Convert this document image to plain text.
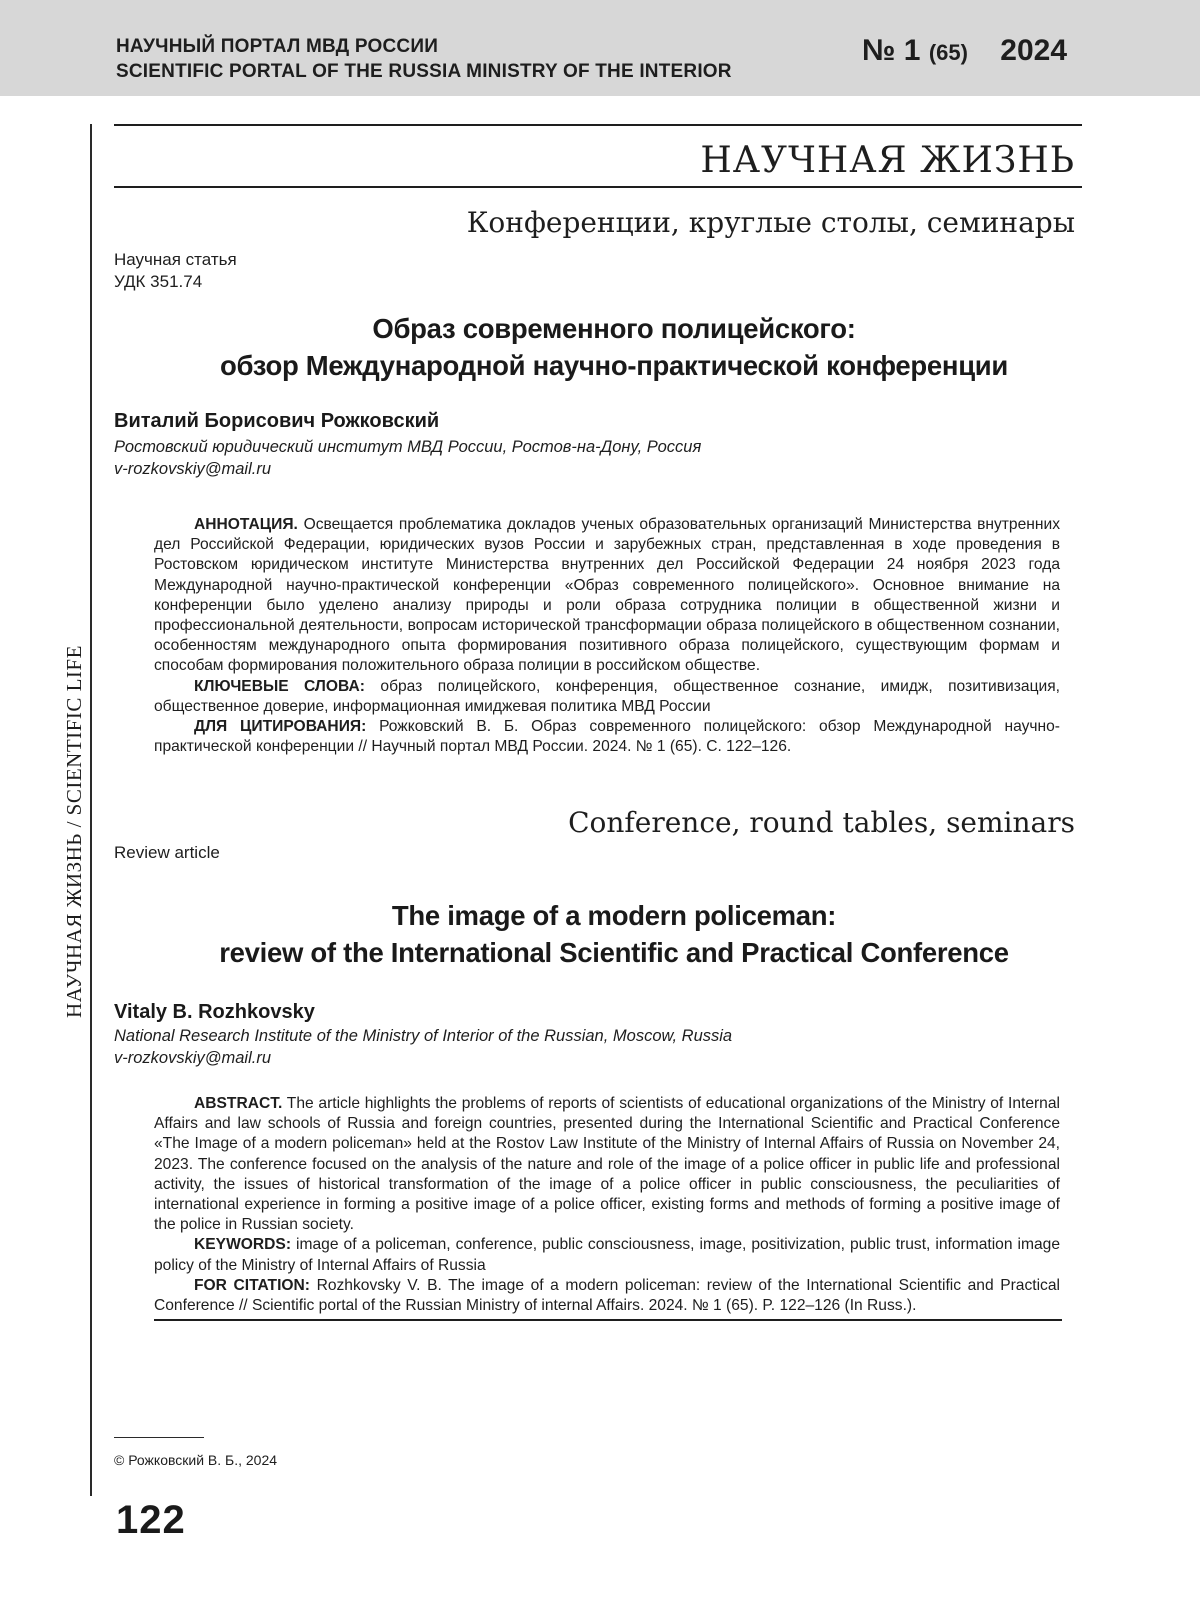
НАУЧНЫЙ ПОРТАЛ МВД РОССИИ
SCIENTIFIC PORTAL OF THE RUSSIA MINISTRY OF THE INTERIOR
№ 1 (65) 2024
НАУЧНАЯ ЖИЗНЬ / SCIENTIFIC LIFE
НАУЧНАЯ ЖИЗНЬ
Конференции, круглые столы, семинары
Научная статья
УДК 351.74
Образ современного полицейского:
обзор Международной научно-практической конференции
Виталий Борисович Рожковский
Ростовский юридический институт МВД России, Ростов-на-Дону, Россия
v-rozkovskiy@mail.ru

АННОТАЦИЯ. Освещается проблематика докладов ученых образовательных организаций Министерства внутренних дел Российской Федерации, юридических вузов России и зарубежных стран, представленная в ходе проведения в Ростовском юридическом институте Министерства внутренних дел Российской Федерации 24 ноября 2023 года Международной научно-практической конференции «Образ современного полицейского». Основное внимание на конференции было уделено анализу природы и роли образа сотрудника полиции в общественной жизни и профессиональной деятельности, вопросам исторической трансформации образа полицейского в общественном сознании, особенностям международного опыта формирования позитивного образа полицейского, существующим формам и способам формирования положительного образа полиции в российском обществе.

КЛЮЧЕВЫЕ СЛОВА: образ полицейского, конференция, общественное сознание, имидж, позитивизация, общественное доверие, информационная имиджевая политика МВД России

ДЛЯ ЦИТИРОВАНИЯ: Рожковский В. Б. Образ современного полицейского: обзор Международной научно-практической конференции // Научный портал МВД России. 2024. № 1 (65). С. 122–126.

Conference, round tables, seminars
Review article
The image of a modern policeman:
review of the International Scientific and Practical Conference
Vitaly B. Rozhkovsky
National Research Institute of the Ministry of Interior of the Russian, Moscow, Russia
v-rozkovskiy@mail.ru

ABSTRACT. The article highlights the problems of reports of scientists of educational organizations of the Ministry of Internal Affairs and law schools of Russia and foreign countries, presented during the International Scientific and Practical Conference «The Image of a modern policeman» held at the Rostov Law Institute of the Ministry of Internal Affairs of Russia on November 24, 2023. The conference focused on the analysis of the nature and role of the image of a police officer in public life and professional activity, the issues of historical transformation of the image of a police officer in public consciousness, the peculiarities of international experience in forming a positive image of a police officer, existing forms and methods of forming a positive image of the police in Russian society.

KEYWORDS: image of a policeman, conference, public consciousness, image, positivization, public trust, information image policy of the Ministry of Internal Affairs of Russia

FOR CITATION: Rozhkovsky V. B. The image of a modern policeman: review of the International Scientific and Practical Conference // Scientific portal of the Russian Ministry of internal Affairs. 2024. № 1 (65). P. 122–126 (In Russ.).

© Рожковский В. Б., 2024
122
